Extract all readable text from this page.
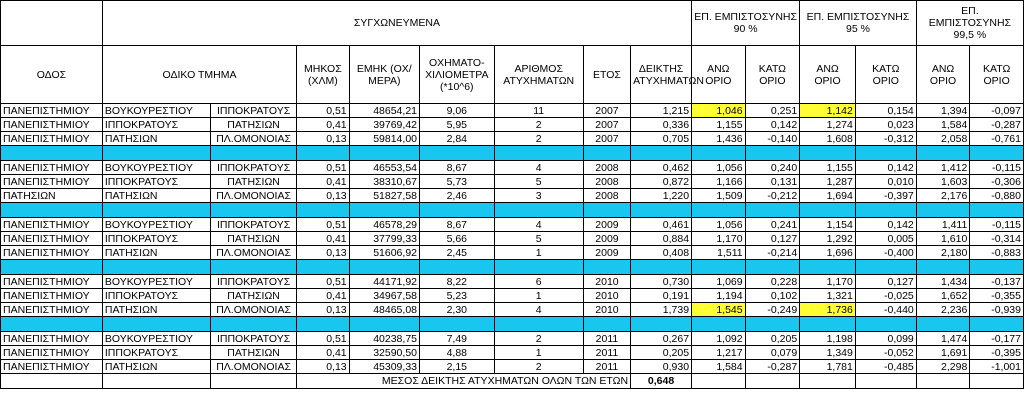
	ΣΥΓΧΩΝΕΥΜΕΝΑ								ΕΠ. ΕΜΠΙΣΤΟΣΥΝΗΣ 90 %		ΕΠ. ΕΜΠΙΣΤΟΣΥΝΗΣ 95 %		ΕΠ. ΕΜΠΙΣΤΟΣΥΝΗΣ 99,5 %	
ΟΔΟΣ	ΟΔΙΚΟ ΤΜΗΜΑ		ΜΗΚΟΣ (ΧΛΜ)	ΕΜΗΚ (ΟΧ/ΜΕΡΑ)	ΟΧΗΜΑΤΟ-ΧΙΛΙΟΜΕΤΡΑ (*10^6)	ΑΡΙΘΜΟΣ ΑΤΥΧΗΜΑΤΩΝ	ΕΤΟΣ	ΔΕΙΚΤΗΣ ΑΤΥΧΗΜΑΤΩΝ	ΑΝΩ ΟΡΙΟ	ΚΑΤΩ ΟΡΙΟ	ΑΝΩ ΟΡΙΟ	ΚΑΤΩ ΟΡΙΟ	ΑΝΩ ΟΡΙΟ	ΚΑΤΩ ΟΡΙΟ
ΠΑΝΕΠΙΣΤΗΜΙΟΥ	ΒΟΥΚΟΥΡΕΣΤΙΟΥ	ΙΠΠΟΚΡΑΤΟΥΣ	0,51	48654,21	9,06	11	2007	1,215	1,046	0,251	1,142	0,154	1,394	-0,097
ΠΑΝΕΠΙΣΤΗΜΙΟΥ	ΙΠΠΟΚΡΑΤΟΥΣ	ΠΑΤΗΣΙΩΝ	0,41	39769,42	5,95	2	2007	0,336	1,155	0,142	1,274	0,023	1,584	-0,287
ΠΑΝΕΠΙΣΤΗΜΙΟΥ	ΠΑΤΗΣΙΩΝ	ΠΛ.ΟΜΟΝΟΙΑΣ	0,13	59814,00	2,84	2	2007	0,705	1,436	-0,140	1,608	-0,312	2,058	-0,761

ΠΑΝΕΠΙΣΤΗΜΙΟΥ	ΒΟΥΚΟΥΡΕΣΤΙΟΥ	ΙΠΠΟΚΡΑΤΟΥΣ	0,51	46553,54	8,67	4	2008	0,462	1,056	0,240	1,155	0,142	1,412	-0,115
ΠΑΝΕΠΙΣΤΗΜΙΟΥ	ΙΠΠΟΚΡΑΤΟΥΣ	ΠΑΤΗΣΙΩΝ	0,41	38310,67	5,73	5	2008	0,872	1,166	0,131	1,287	0,010	1,603	-0,306
ΠΑΤΗΣΙΩΝ	ΠΑΤΗΣΙΩΝ	ΠΛ.ΟΜΟΝΟΙΑΣ	0,13	51827,58	2,46	3	2008	1,220	1,509	-0,212	1,694	-0,397	2,176	-0,880

ΠΑΝΕΠΙΣΤΗΜΙΟΥ	ΒΟΥΚΟΥΡΕΣΤΙΟΥ	ΙΠΠΟΚΡΑΤΟΥΣ	0,51	46578,29	8,67	4	2009	0,461	1,056	0,241	1,154	0,142	1,411	-0,115
ΠΑΝΕΠΙΣΤΗΜΙΟΥ	ΙΠΠΟΚΡΑΤΟΥΣ	ΠΑΤΗΣΙΩΝ	0,41	37799,33	5,66	5	2009	0,884	1,170	0,127	1,292	0,005	1,610	-0,314
ΠΑΝΕΠΙΣΤΗΜΙΟΥ	ΠΑΤΗΣΙΩΝ	ΠΛ.ΟΜΟΝΟΙΑΣ	0,13	51606,92	2,45	1	2009	0,408	1,511	-0,214	1,696	-0,400	2,180	-0,883

ΠΑΝΕΠΙΣΤΗΜΙΟΥ	ΒΟΥΚΟΥΡΕΣΤΙΟΥ	ΙΠΠΟΚΡΑΤΟΥΣ	0,51	44171,92	8,22	6	2010	0,730	1,069	0,228	1,170	0,127	1,434	-0,137
ΠΑΝΕΠΙΣΤΗΜΙΟΥ	ΙΠΠΟΚΡΑΤΟΥΣ	ΠΑΤΗΣΙΩΝ	0,41	34967,58	5,23	1	2010	0,191	1,194	0,102	1,321	-0,025	1,652	-0,355
ΠΑΝΕΠΙΣΤΗΜΙΟΥ	ΠΑΤΗΣΙΩΝ	ΠΛ.ΟΜΟΝΟΙΑΣ	0,13	48465,08	2,30	4	2010	1,739	1,545	-0,249	1,736	-0,440	2,236	-0,939

ΠΑΝΕΠΙΣΤΗΜΙΟΥ	ΒΟΥΚΟΥΡΕΣΤΙΟΥ	ΙΠΠΟΚΡΑΤΟΥΣ	0,51	40238,75	7,49	2	2011	0,267	1,092	0,205	1,198	0,099	1,474	-0,177
ΠΑΝΕΠΙΣΤΗΜΙΟΥ	ΙΠΠΟΚΡΑΤΟΥΣ	ΠΑΤΗΣΙΩΝ	0,41	32590,50	4,88	1	2011	0,205	1,217	0,079	1,349	-0,052	1,691	-0,395
ΠΑΝΕΠΙΣΤΗΜΙΟΥ	ΠΑΤΗΣΙΩΝ	ΠΛ.ΟΜΟΝΟΙΑΣ	0,13	45309,33	2,15	2	2011	0,930	1,584	-0,287	1,781	-0,485	2,298	-1,001
			ΜΕΣΟΣ ΔΕΙΚΤΗΣ ΑΤΥΧΗΜΑΤΩΝ ΟΛΩΝ ΤΩΝ ΕΤΩΝ					0,648						
